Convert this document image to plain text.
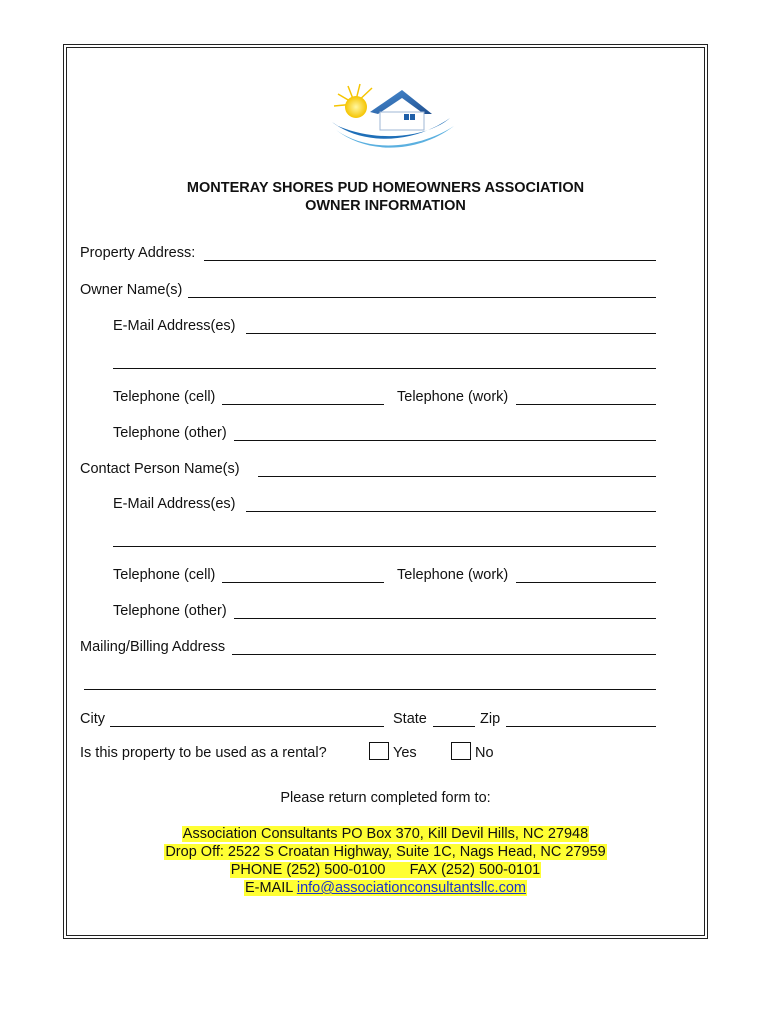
MONTERAY SHORES PUD HOMEOWNERS ASSOCIATION
OWNER INFORMATION
Property Address:
Owner Name(s)
E-Mail Address(es)
Telephone (cell)	Telephone (work)
Telephone (other)
Contact Person Name(s)
E-Mail Address(es)
Telephone (cell)	Telephone (work)
Telephone (other)
Mailing/Billing Address
City	State	Zip
Is this property to be used as a rental?	Yes	No
Please return completed form to:
Association Consultants PO Box 370, Kill Devil Hills, NC 27948
Drop Off: 2522 S Croatan Highway, Suite 1C, Nags Head, NC 27959
PHONE (252) 500-0100      FAX (252) 500-0101
E-MAIL info@associationconsultantsllc.com
